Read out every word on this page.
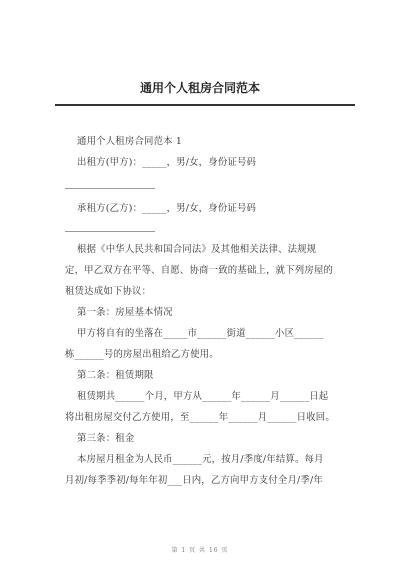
通用个人租房合同范本
通用个人租房合同范本 1
出租方(甲方)：_____，男/女，身份证号码
承租方(乙方)：_____，男/女，身份证号码
根据《中华人民共和国合同法》及其他相关法律、法规规
定，甲乙双方在平等、自愿、协商一致的基础上，就下列房屋的
租赁达成如下协议：
第一条：房屋基本情况
甲方将自有的坐落在_____市______街道______小区______
栋______号的房屋出租给乙方使用。
第二条：租赁期限
租赁期共______个月，甲方从______年______月______日起
将出租房屋交付乙方使用，至______年______月______日收回。
第三条：租金
本房屋月租金为人民币______元，按月/季度/年结算。每月
月初/每季季初/每年年初___日内，乙方向甲方支付全月/季/年
第 1 页 共 16 页
